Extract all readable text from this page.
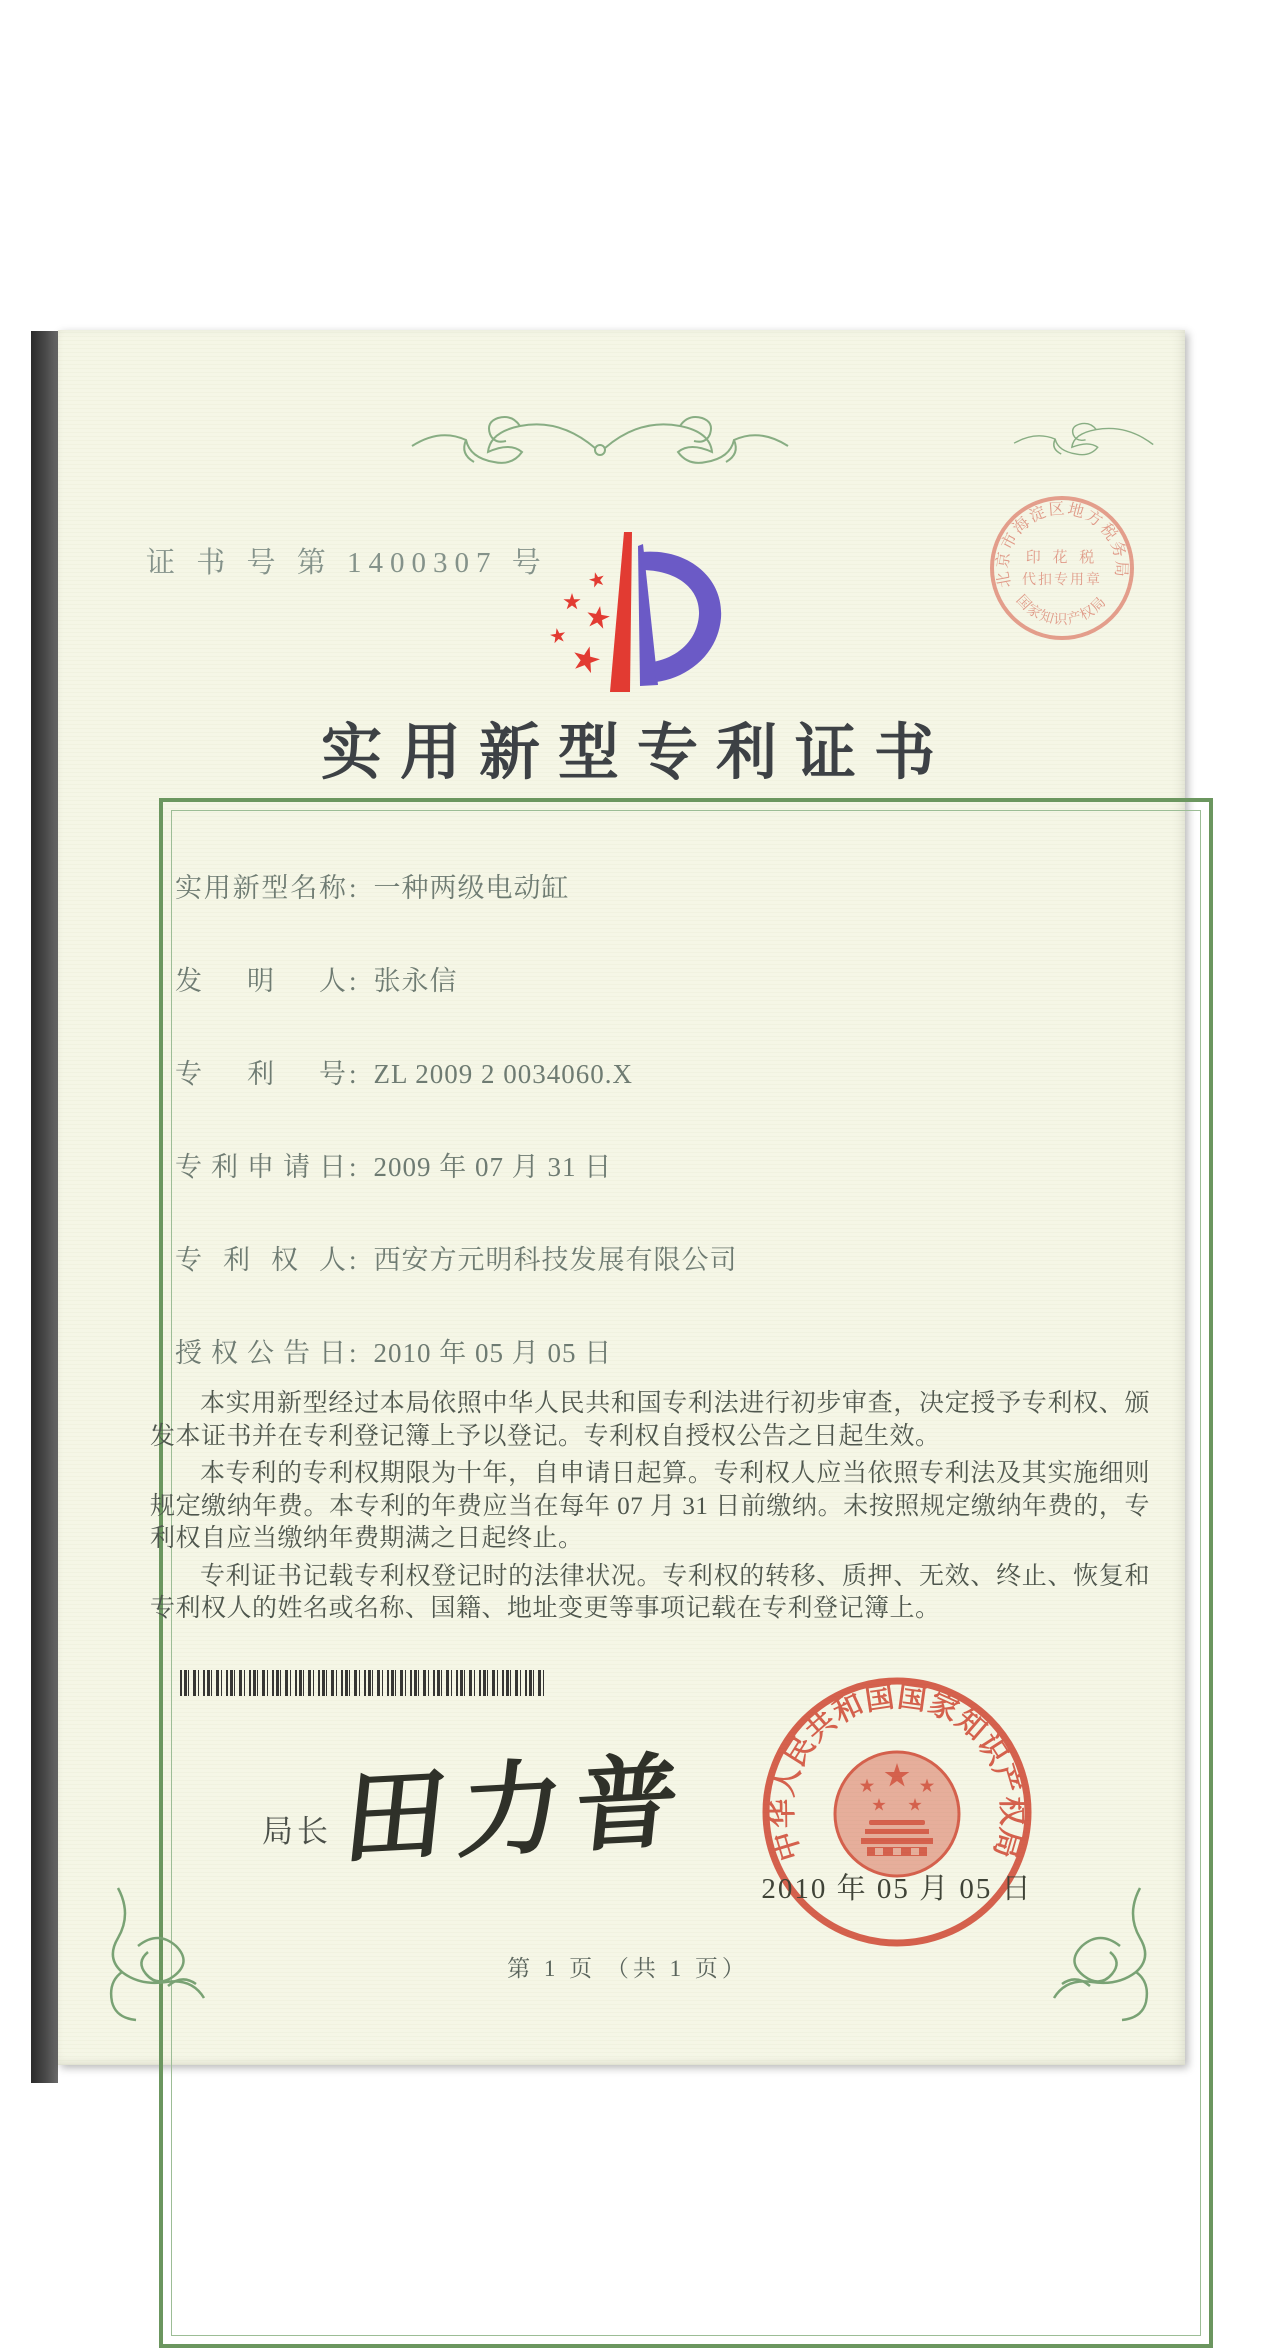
证 书 号 第 1400307 号
实用新型专利证书
实用新型名称: 一种两级电动缸
发明人: 张永信
专利号: ZL 2009 2 0034060.X
专利申请日: 2009 年 07 月 31 日
专利权人: 西安方元明科技发展有限公司
授权公告日: 2010 年 05 月 05 日

本实用新型经过本局依照中华人民共和国专利法进行初步审查，决定授予专利权、颁发本证书并在专利登记簿上予以登记。专利权自授权公告之日起生效。

本专利的专利权期限为十年，自申请日起算。专利权人应当依照专利法及其实施细则规定缴纳年费。本专利的年费应当在每年 07 月 31 日前缴纳。未按照规定缴纳年费的，专利权自应当缴纳年费期满之日起终止。

专利证书记载专利权登记时的法律状况。专利权的转移、质押、无效、终止、恢复和专利权人的姓名或名称、国籍、地址变更等事项记载在专利登记簿上。

局长 田力普 中华人民共和国国家知识产权局
2010 年 05 月 05 日
北京市海淀区地方税务局
国家知识产权局
印 花 税
代扣专用章
第 1 页 （共 1 页）
